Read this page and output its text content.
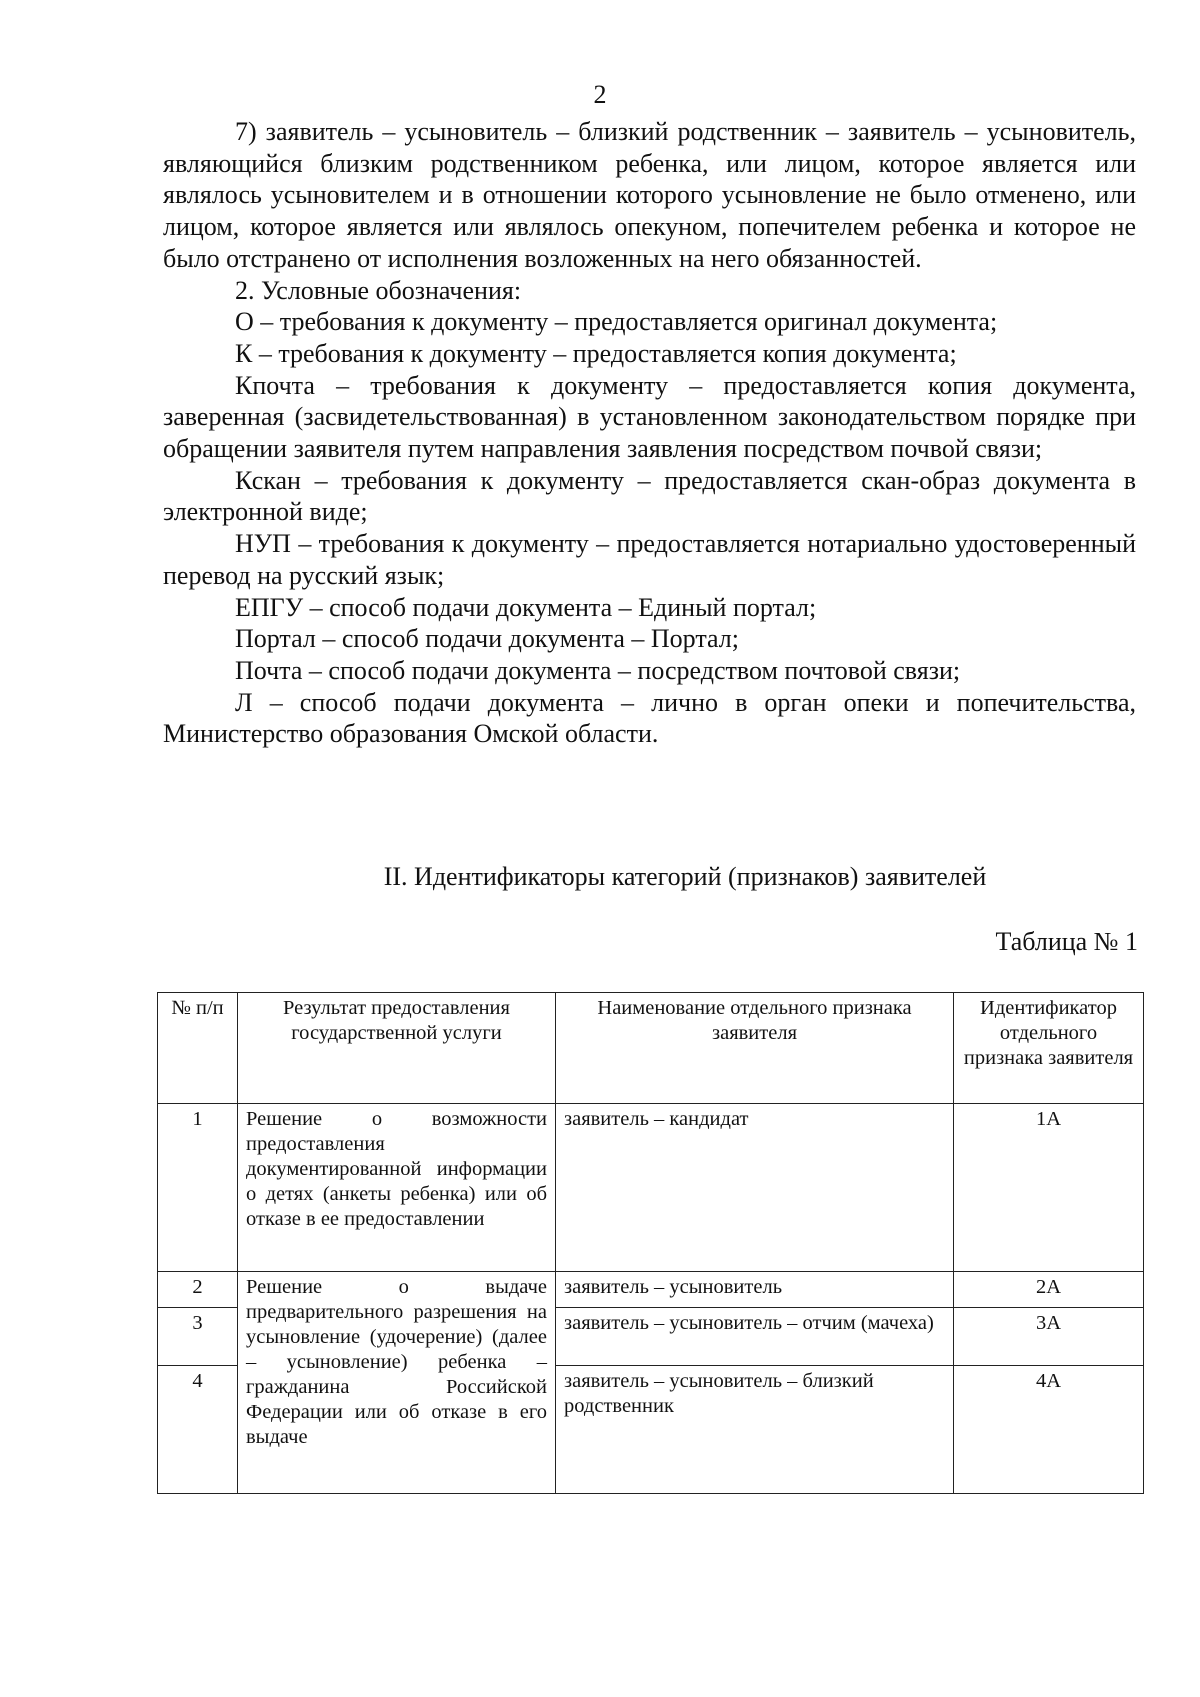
2

7) заявитель – усыновитель – близкий родственник – заявитель – усыновитель, являющийся близким родственником ребенка, или лицом, которое является или являлось усыновителем и в отношении которого усыновление не было отменено, или лицом, которое является или являлось опекуном, попечителем ребенка и которое не было отстранено от исполнения возложенных на него обязанностей.

2. Условные обозначения:

О – требования к документу – предоставляется оригинал документа;

К – требования к документу – предоставляется копия документа;

Кпочта – требования к документу – предоставляется копия документа, заверенная (засвидетельствованная) в установленном законодательством порядке при обращении заявителя путем направления заявления посредством почвой связи;

Кскан – требования к документу – предоставляется скан-образ документа в электронной виде;

НУП – требования к документу – предоставляется нотариально удостоверенный перевод на русский язык;

ЕПГУ – способ подачи документа – Единый портал;

Портал – способ подачи документа – Портал;

Почта – способ подачи документа – посредством почтовой связи;

Л – способ подачи документа – лично в орган опеки и попечительства, Министерство образования Омской области.

II. Идентификаторы категорий (признаков) заявителей
Таблица № 1
№ п/п	Результат предоставления государственной услуги	Наименование отдельного признака заявителя	Идентификатор отдельного признака заявителя
1	Решение о возможности предоставления документированной информации о детях (анкеты ребенка) или об отказе в ее предоставлении	заявитель – кандидат	1А
2	Решение о выдаче предварительного разрешения на усыновление (удочерение) (далее – усыновление) ребенка – гражданина Российской Федерации или об отказе в его выдаче	заявитель – усыновитель	2А
3		заявитель – усыновитель – отчим (мачеха)	3А
4		заявитель – усыновитель – близкий родственник	4А
